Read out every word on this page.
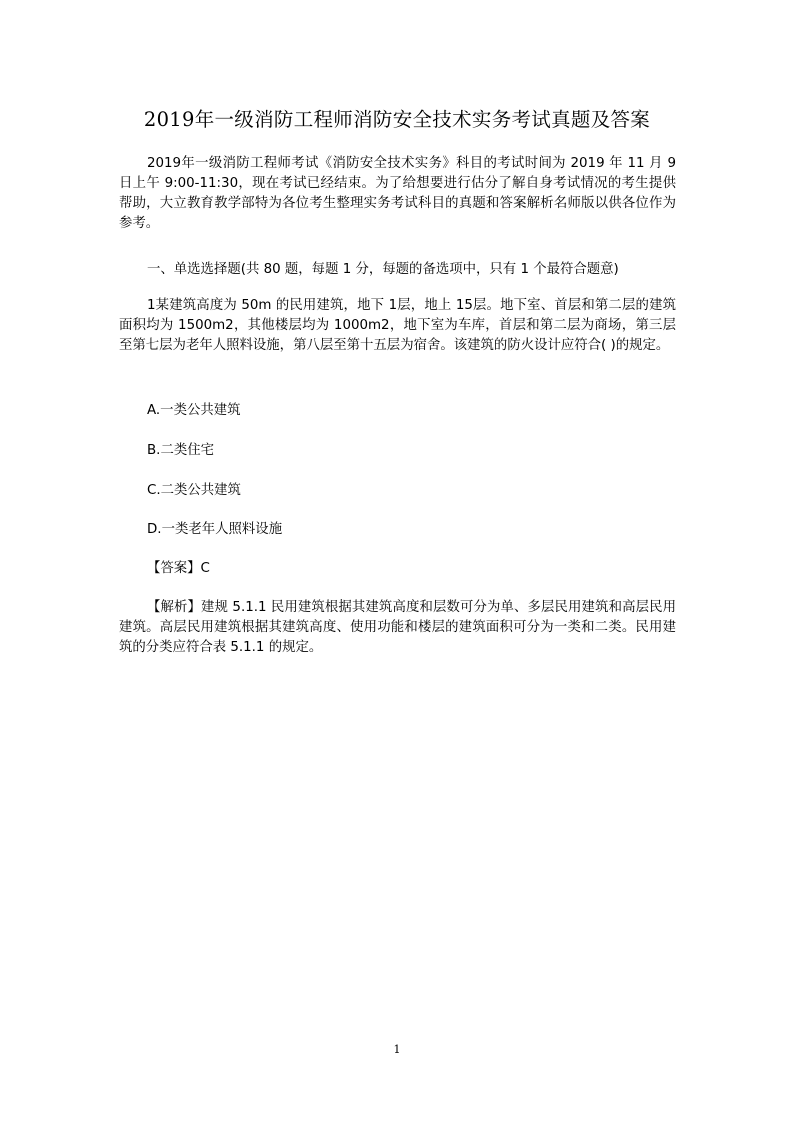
2019年一级消防工程师消防安全技术实务考试真题及答案
2019年一级消防工程师考试《消防安全技术实务》科目的考试时间为 2019 年 11 月 9 日上午 9:00-11:30，现在考试已经结束。为了给想要进行估分了解自身考试情况的考生提供帮助，大立教育教学部特为各位考生整理实务考试科目的真题和答案解析名师版以供各位作为参考。
一、单选选择题(共 80 题，每题 1 分，每题的备选项中，只有 1 个最符合题意)
1某建筑高度为 50m 的民用建筑，地下 1层，地上 15层。地下室、首层和第二层的建筑面积均为 1500m2，其他楼层均为 1000m2，地下室为车库，首层和第二层为商场，第三层至第七层为老年人照料设施，第八层至第十五层为宿舍。该建筑的防火设计应符合( )的规定。
A.一类公共建筑
B.二类住宅
C.二类公共建筑
D.一类老年人照料设施
【答案】C
【解析】建规 5.1.1 民用建筑根据其建筑高度和层数可分为单、多层民用建筑和高层民用建筑。高层民用建筑根据其建筑高度、使用功能和楼层的建筑面积可分为一类和二类。民用建筑的分类应符合表 5.1.1 的规定。
1
